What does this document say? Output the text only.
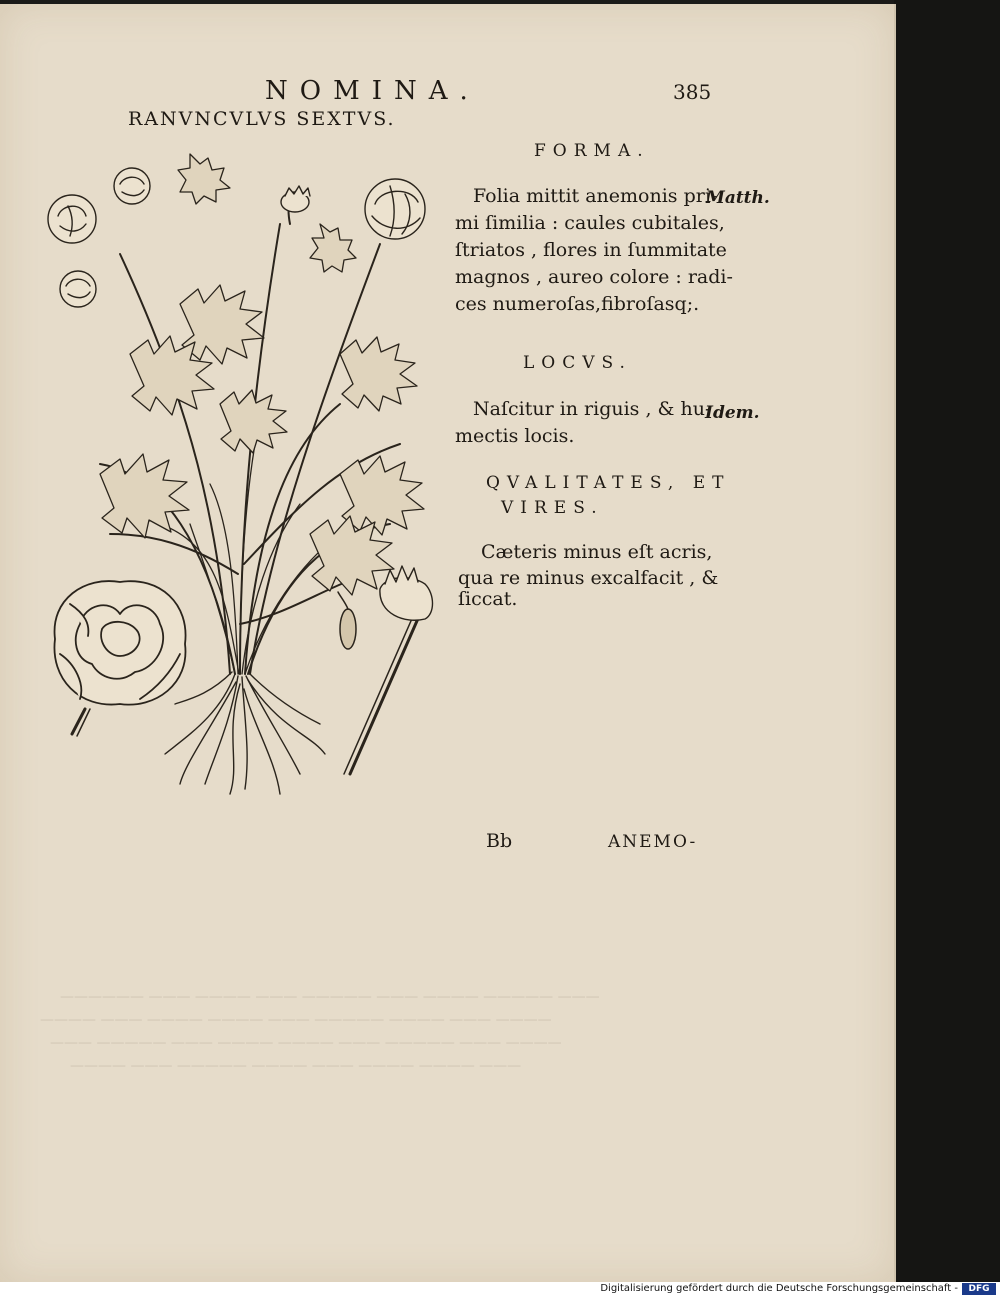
—————— ——— ———— ——— ————— ——— ———— ————— ———
———— ——— ———— ———— ——— ————— ———— ——— ————
——— ————— ——— ———— ———— ——— ————— ——— ————
———— ——— ————— ———— ——— ———— ———— ———
NOMINA.	385
RANVNCVLVS SEXTVS.
FORMA.
Folia mittit anemonis pri-
mi ſimilia : caules cubitales,
ſtriatos , flores in ſummitate
magnos , aureo colore : radi-
ces numeroſas,fibroſasq;.
Matth.
LOCVS.
Naſcitur in riguis , & hu-
mectis locis.
Idem.
QVALITATES, ET
VIRES.
Cæteris minus eſt acris,
qua re minus excalfacit , &
ſiccat.
Bb	ANEMO-
Digitalisierung gefördert durch die Deutsche Forschungsgemeinschaft -	DFG
